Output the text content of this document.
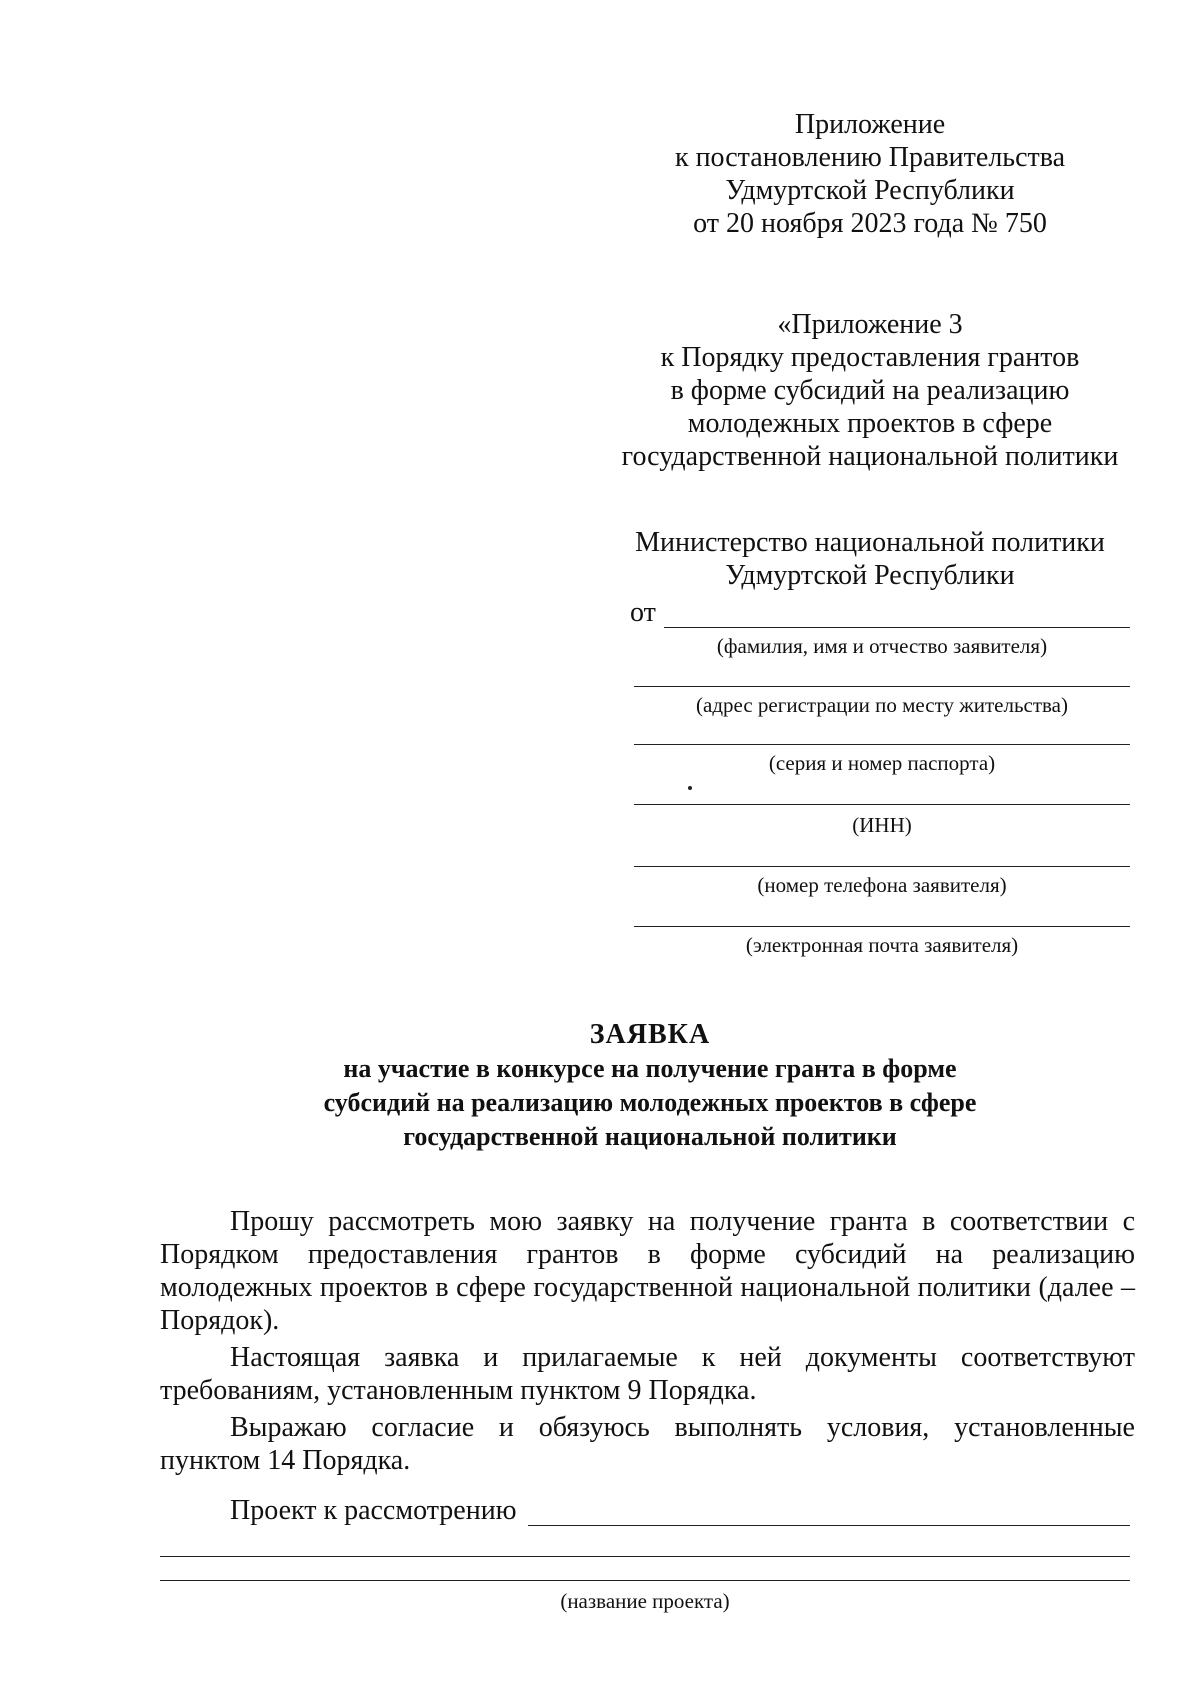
Приложение
к постановлению Правительства
Удмуртской Республики
от 20 ноября 2023 года № 750
«Приложение 3
к Порядку предоставления грантов
в форме субсидий на реализацию
молодежных проектов в сфере
государственной национальной политики
Министерство национальной политики
Удмуртской Республики
от
(фамилия, имя и отчество заявителя)
(адрес регистрации по месту жительства)
(серия и номер паспорта)
(ИНН)
(номер телефона заявителя)
(электронная почта заявителя)
ЗАЯВКА
на участие в конкурсе на получение гранта в форме
субсидий на реализацию молодежных проектов в сфере
государственной национальной политики

Прошу рассмотреть мою заявку на получение гранта в соответствии с Порядком предоставления грантов в форме субсидий на реализацию молодежных проектов в сфере государственной национальной политики (далее – Порядок).

Настоящая заявка и прилагаемые к ней документы соответствуют требованиям, установленным пунктом 9 Порядка.

Выражаю согласие и обязуюсь выполнять условия, установленные пунктом 14 Порядка.

Проект к рассмотрению
(название проекта)
